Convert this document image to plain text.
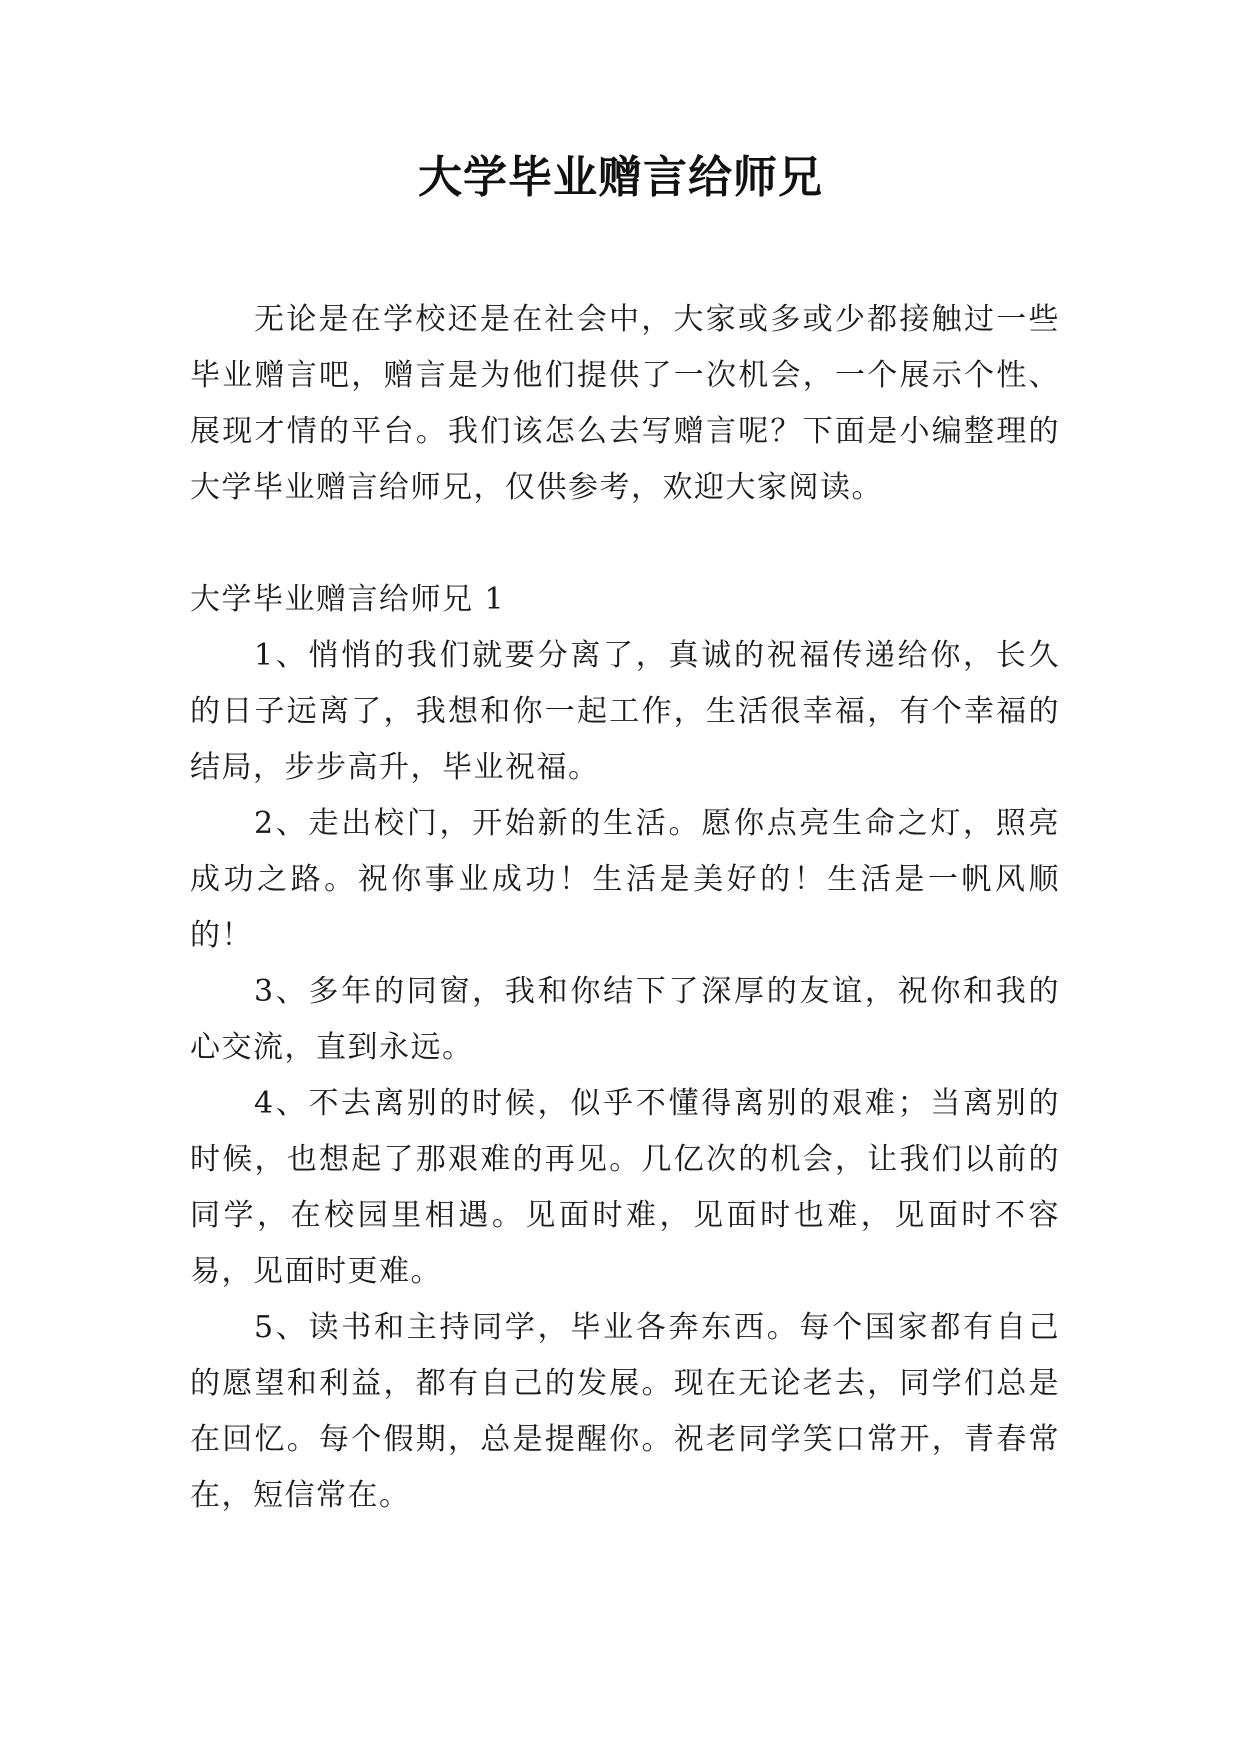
大学毕业赠言给师兄

无论是在学校还是在社会中，大家或多或少都接触过一些毕业赠言吧，赠言是为他们提供了一次机会，一个展示个性、展现才情的平台。我们该怎么去写赠言呢？下面是小编整理的大学毕业赠言给师兄，仅供参考，欢迎大家阅读。

大学毕业赠言给师兄 1

1、悄悄的我们就要分离了，真诚的祝福传递给你，长久的日子远离了，我想和你一起工作，生活很幸福，有个幸福的结局，步步高升，毕业祝福。

2、走出校门，开始新的生活。愿你点亮生命之灯，照亮成功之路。祝你事业成功！生活是美好的！生活是一帆风顺的！

3、多年的同窗，我和你结下了深厚的友谊，祝你和我的心交流，直到永远。

4、不去离别的时候，似乎不懂得离别的艰难；当离别的时候，也想起了那艰难的再见。几亿次的机会，让我们以前的同学，在校园里相遇。见面时难，见面时也难，见面时不容易，见面时更难。

5、读书和主持同学，毕业各奔东西。每个国家都有自己的愿望和利益，都有自己的发展。现在无论老去，同学们总是在回忆。每个假期，总是提醒你。祝老同学笑口常开，青春常在，短信常在。
